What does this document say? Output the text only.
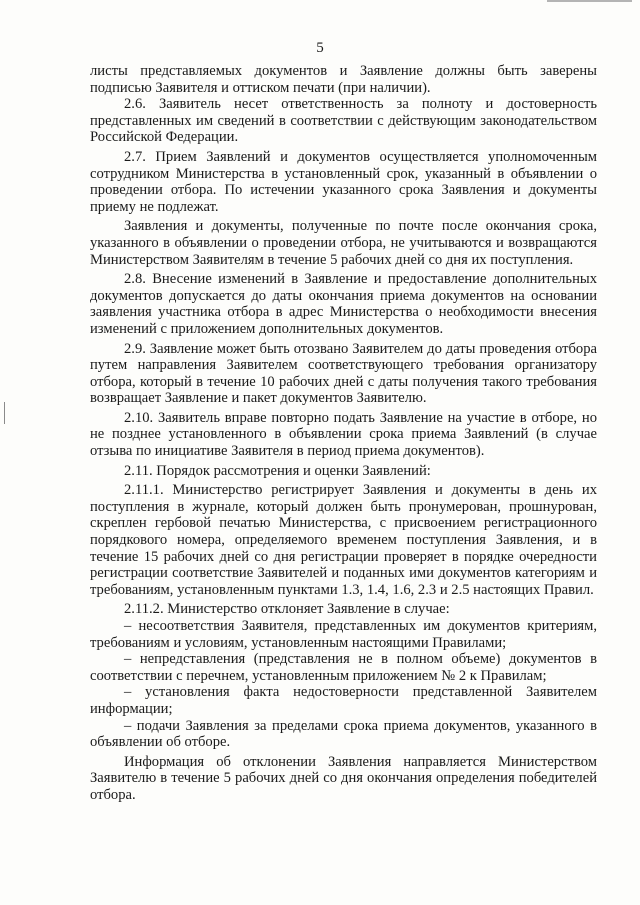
5

листы представляемых документов и Заявление должны быть заверены подписью Заявителя и оттиском печати (при наличии).

2.6. Заявитель несет ответственность за полноту и достоверность представленных им сведений в соответствии с действующим законодательством Российской Федерации.

2.7. Прием Заявлений и документов осуществляется уполномоченным сотрудником Министерства в установленный срок, указанный в объявлении о проведении отбора. По истечении указанного срока Заявления и документы приему не подлежат.

Заявления и документы, полученные по почте после окончания срока, указанного в объявлении о проведении отбора, не учитываются и возвращаются Министерством Заявителям в течение 5 рабочих дней со дня их поступления.

2.8. Внесение изменений в Заявление и предоставление дополнительных документов допускается до даты окончания приема документов на основании заявления участника отбора в адрес Министерства о необходимости внесения изменений с приложением дополнительных документов.

2.9. Заявление может быть отозвано Заявителем до даты проведения отбора путем направления Заявителем соответствующего требования организатору отбора, который в течение 10 рабочих дней с даты получения такого требования возвращает Заявление и пакет документов Заявителю.

2.10. Заявитель вправе повторно подать Заявление на участие в отборе, но не позднее установленного в объявлении срока приема Заявлений (в случае отзыва по инициативе Заявителя в период приема документов).

2.11. Порядок рассмотрения и оценки Заявлений:

2.11.1. Министерство регистрирует Заявления и документы в день их поступления в журнале, который должен быть пронумерован, прошнурован, скреплен гербовой печатью Министерства, с присвоением регистрационного порядкового номера, определяемого временем поступления Заявления, и в течение 15 рабочих дней со дня регистрации проверяет в порядке очередности регистрации соответствие Заявителей и поданных ими документов категориям и требованиям, установленным пунктами 1.3, 1.4, 1.6, 2.3 и 2.5 настоящих Правил.

2.11.2. Министерство отклоняет Заявление в случае:

– несоответствия Заявителя, представленных им документов критериям, требованиям и условиям, установленным настоящими Правилами;

– непредставления (представления не в полном объеме) документов в соответствии с перечнем, установленным приложением № 2 к Правилам;

– установления факта недостоверности представленной Заявителем информации;

– подачи Заявления за пределами срока приема документов, указанного в объявлении об отборе.

Информация об отклонении Заявления направляется Министерством Заявителю в течение 5 рабочих дней со дня окончания определения победителей отбора.
